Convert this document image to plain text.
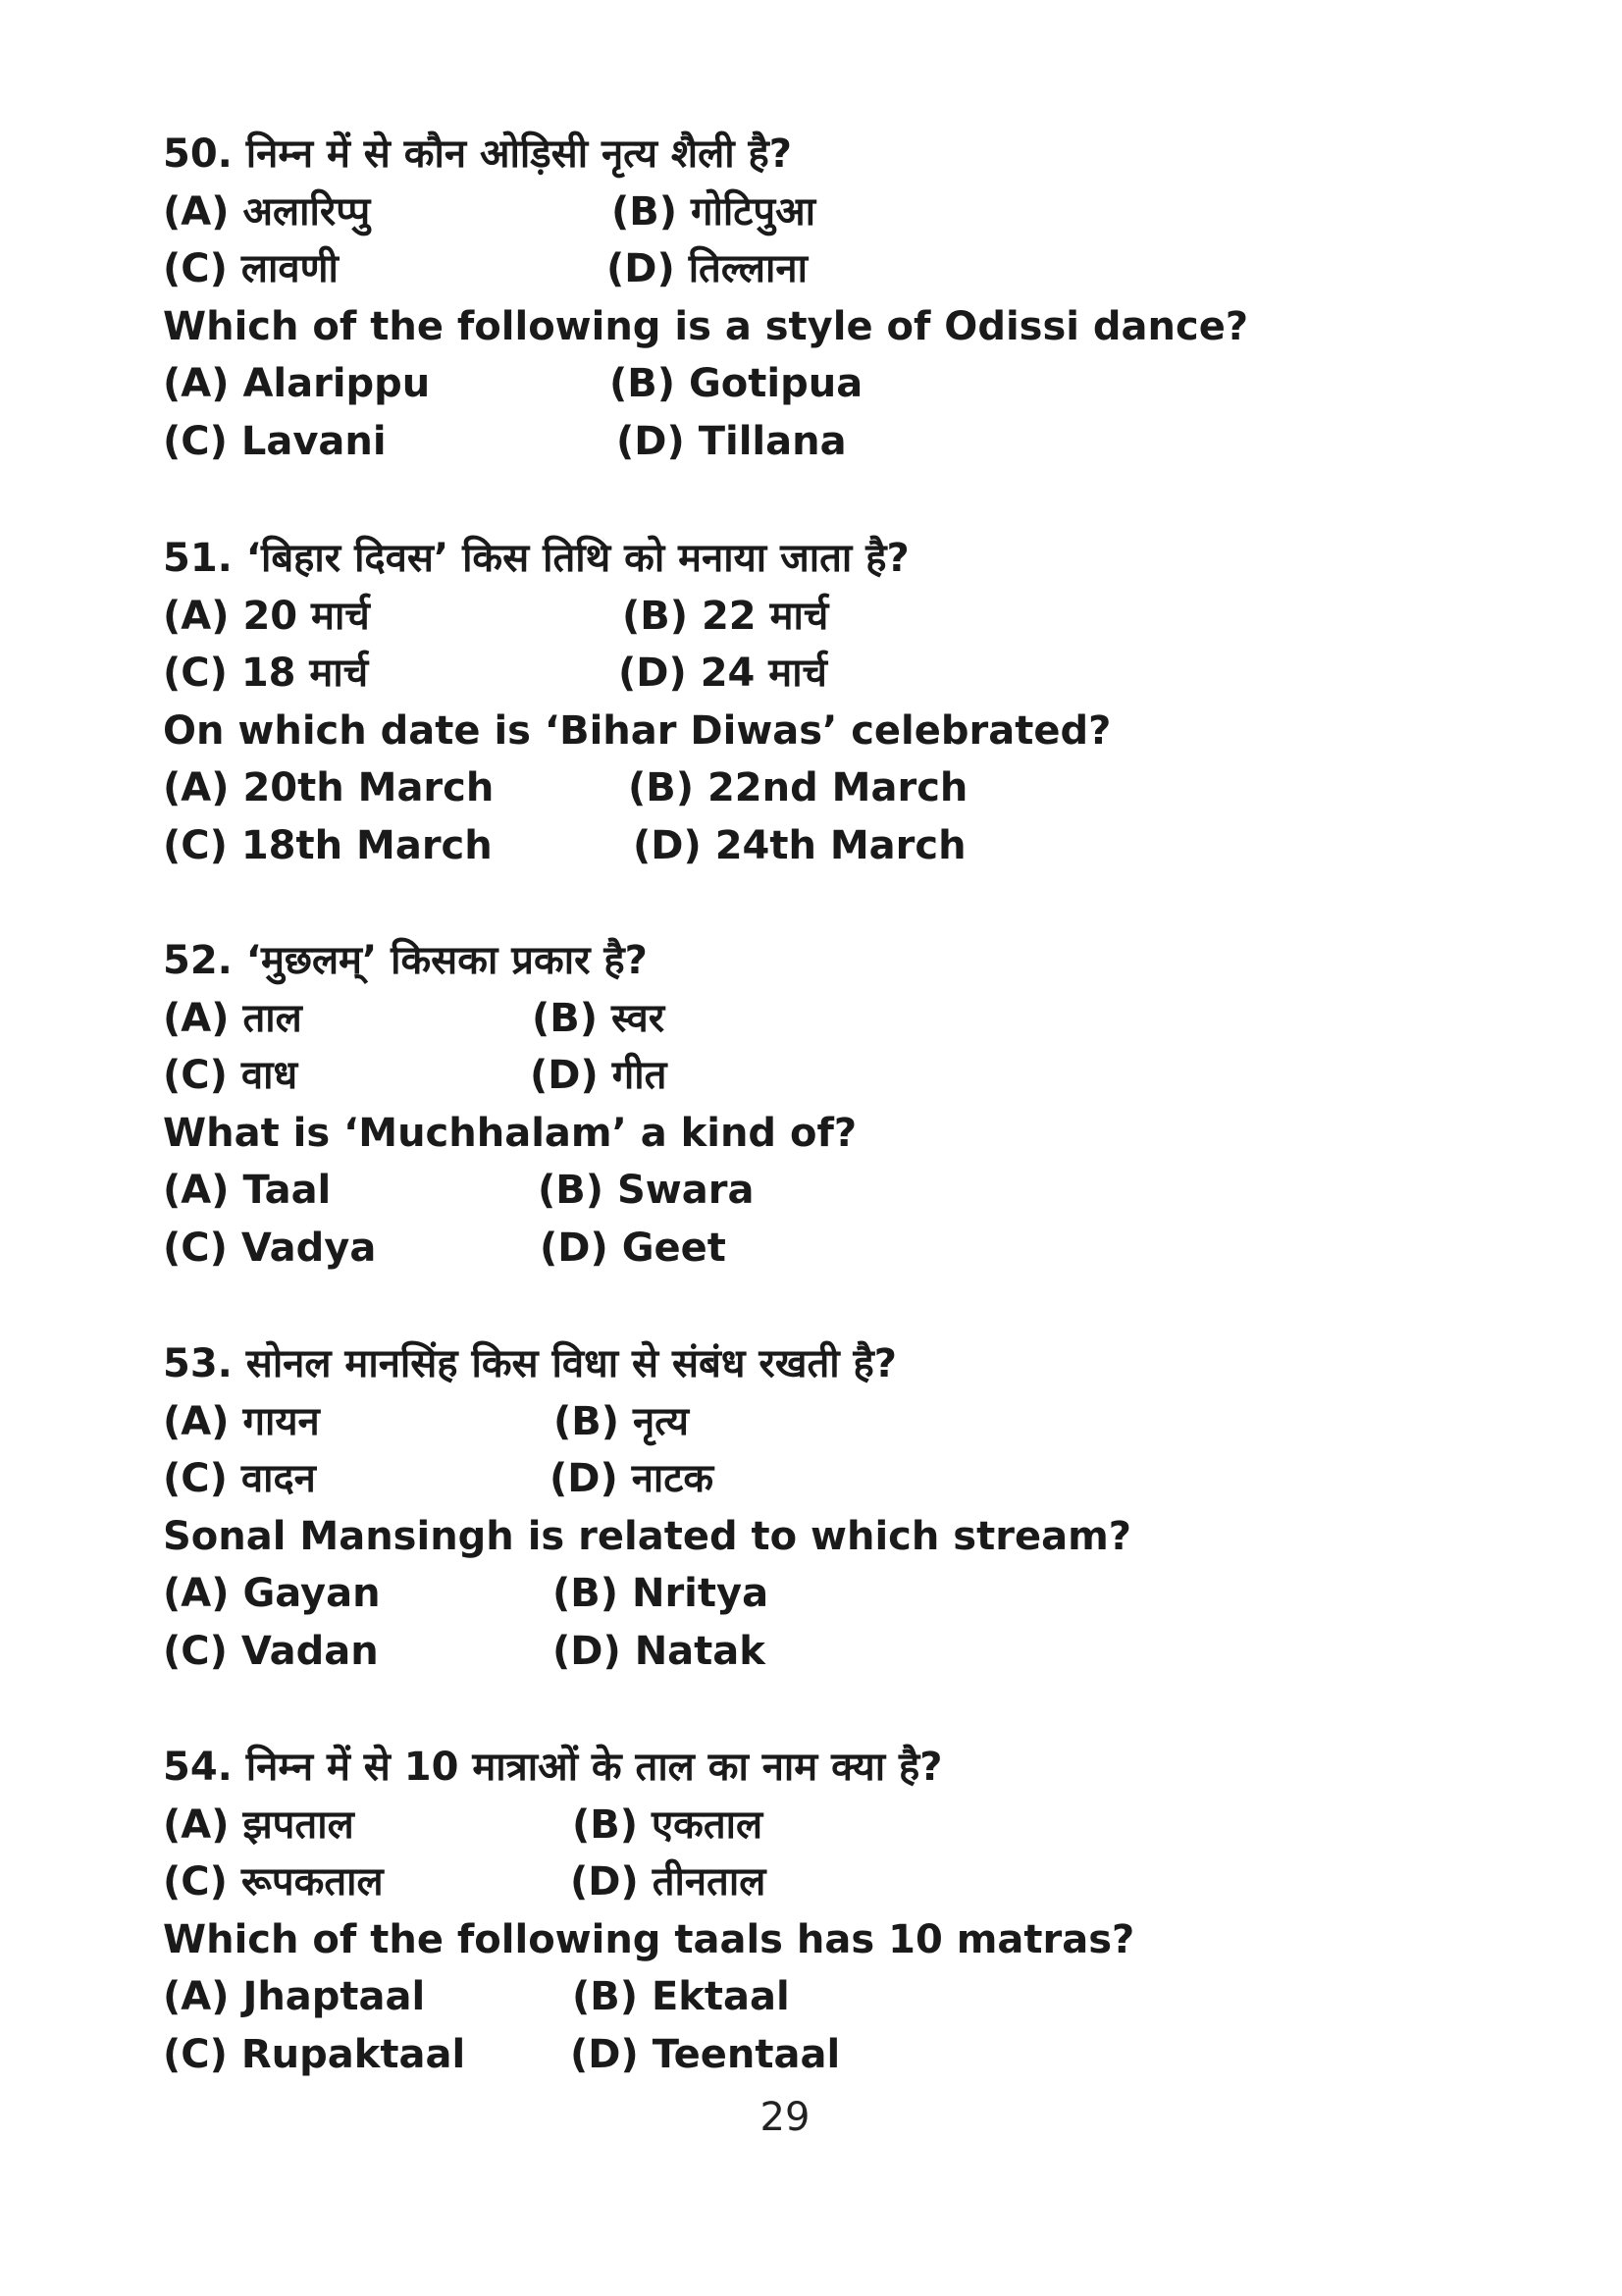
50. निम्न में से कौन ओड़िसी नृत्य शैली है?
(A) अलारिप्पु	(B) गोटिपुआ
(C) लावणी	(D) तिल्लाना
Which of the following is a style of Odissi dance?
(A) Alarippu	(B) Gotipua
(C) Lavani	(D) Tillana
51. ‘बिहार दिवस’ किस तिथि को मनाया जाता है?
(A) 20 मार्च	(B) 22 मार्च
(C) 18 मार्च	(D) 24 मार्च
On which date is ‘Bihar Diwas’ celebrated?
(A) 20th March	(B) 22nd March
(C) 18th March	(D) 24th March
52. ‘मुछलम्’ किसका प्रकार है?
(A) ताल	(B) स्वर
(C) वाध	(D) गीत
What is ‘Muchhalam’ a kind of?
(A) Taal	(B) Swara
(C) Vadya	(D) Geet
53. सोनल मानसिंह किस विधा से संबंध रखती है?
(A) गायन	(B) नृत्य
(C) वादन	(D) नाटक
Sonal Mansingh is related to which stream?
(A) Gayan	(B) Nritya
(C) Vadan	(D) Natak
54. निम्न में से 10 मात्राओं के ताल का नाम क्या है?
(A) झपताल	(B) एकताल
(C) रूपकताल	(D) तीनताल
Which of the following taals has 10 matras?
(A) Jhaptaal	(B) Ektaal
(C) Rupaktaal	(D) Teentaal
29
